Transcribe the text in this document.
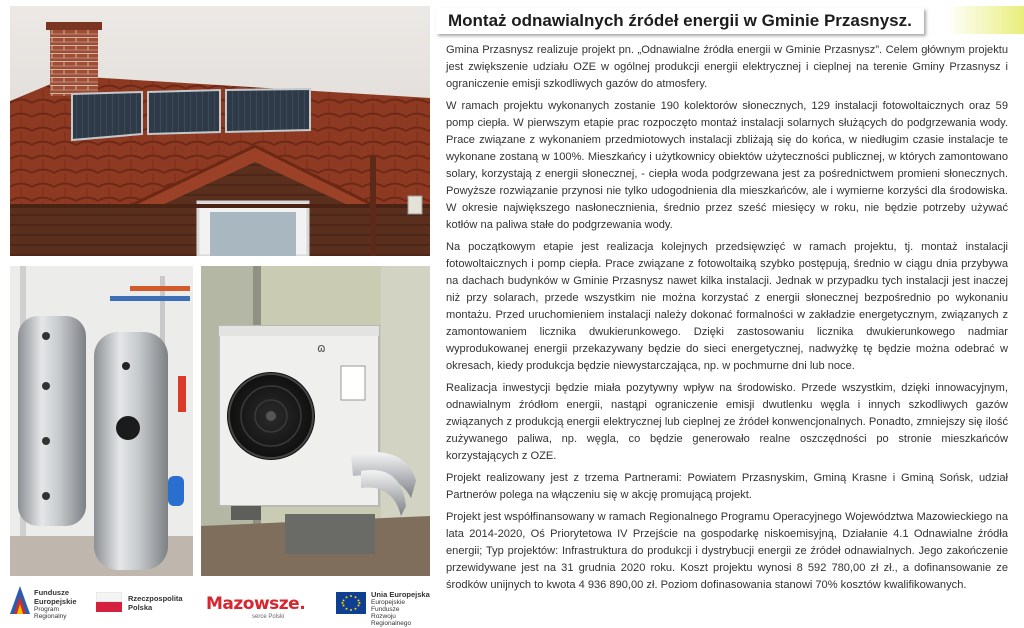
ɷ
Fundusze
Europejskie
Program Regionalny
Rzeczpospolita
Polska	Mazowsze.
serce Polski
Unia Europejska
Europejskie Fundusze
Rozwoju Regionalnego
Montaż odnawialnych źródeł energii w Gminie Przasnysz.

Gmina Przasnysz realizuje projekt pn. „Odnawialne źródła energii w Gminie Przasnysz”. Celem głównym projektu jest zwiększenie udziału OZE w ogólnej produkcji energii elektrycznej i cieplnej na terenie Gminy Przasnysz i ograniczenie emisji szkodliwych gazów do atmosfery.

W ramach projektu wykonanych zostanie 190 kolektorów słonecznych, 129 instalacji fotowoltaicznych oraz 59 pomp ciepła. W pierwszym etapie prac rozpoczęto montaż instalacji solarnych służących do podgrzewania wody. Prace związane z wykonaniem przedmiotowych instalacji zbliżają się do końca, w niedługim czasie instalacje te wykonane zostaną w 100%. Mieszkańcy i użytkownicy obiektów użyteczności publicznej, w których zamontowano solary, korzystają z energii słonecznej, - ciepła woda podgrzewana jest za pośrednictwem promieni słonecznych. Powyższe rozwiązanie przynosi nie tylko udogodnienia dla mieszkańców, ale i wymierne korzyści dla środowiska. W okresie największego nasłonecznienia, średnio przez sześć miesięcy w roku, nie będzie potrzeby używać kotłów na paliwa stałe do podgrzewania wody.

Na początkowym etapie jest realizacja kolejnych przedsięwzięć w ramach projektu, tj. montaż instalacji fotowoltaicznych i pomp ciepła. Prace związane z fotowoltaiką szybko postępują, średnio w ciągu dnia przybywa na dachach budynków w Gminie Przasnysz nawet kilka instalacji. Jednak w przypadku tych instalacji jest inaczej niż przy solarach, przede wszystkim nie można korzystać z energii słonecznej bezpośrednio po wykonaniu montażu. Przed uruchomieniem instalacji należy dokonać formalności w zakładzie energetycznym, związanych z zamontowaniem licznika dwukierunkowego. Dzięki zastosowaniu licznika dwukierunkowego nadmiar wyprodukowanej energii przekazywany będzie do sieci energetycznej, nadwyżkę tę będzie można odebrać w okresach, kiedy produkcja będzie niewystarczająca, np. w pochmurne dni lub noce.

Realizacja inwestycji będzie miała pozytywny wpływ na środowisko. Przede wszystkim, dzięki innowacyjnym, odnawialnym źródłom energii, nastąpi ograniczenie emisji dwutlenku węgla i innych szkodliwych gazów związanych z produkcją energii elektrycznej lub cieplnej ze źródeł konwencjonalnych. Ponadto, zmniejszy się ilość zużywanego paliwa, np. węgla, co będzie generowało realne oszczędności po stronie mieszkańców korzystających z OZE.

Projekt realizowany jest z trzema Partnerami: Powiatem Przasnyskim, Gminą Krasne i Gminą Sońsk, udział Partnerów polega na włączeniu się w akcję promującą projekt.

Projekt jest współfinansowany w ramach Regionalnego Programu Operacyjnego Województwa Mazowieckiego na lata 2014-2020, Oś Priorytetowa IV Przejście na gospodarkę niskoemisyjną, Działanie 4.1 Odnawialne źródła energii; Typ projektów: Infrastruktura do produkcji i dystrybucji energii ze źródeł odnawialnych. Jego zakończenie przewidywane jest na 31 grudnia 2020 roku. Koszt projektu wynosi 8 592 780,00 zł zł., a dofinansowanie ze środków unijnych to kwota 4 936 890,00 zł. Poziom dofinasowania stanowi 70% kosztów kwalifikowanych.
